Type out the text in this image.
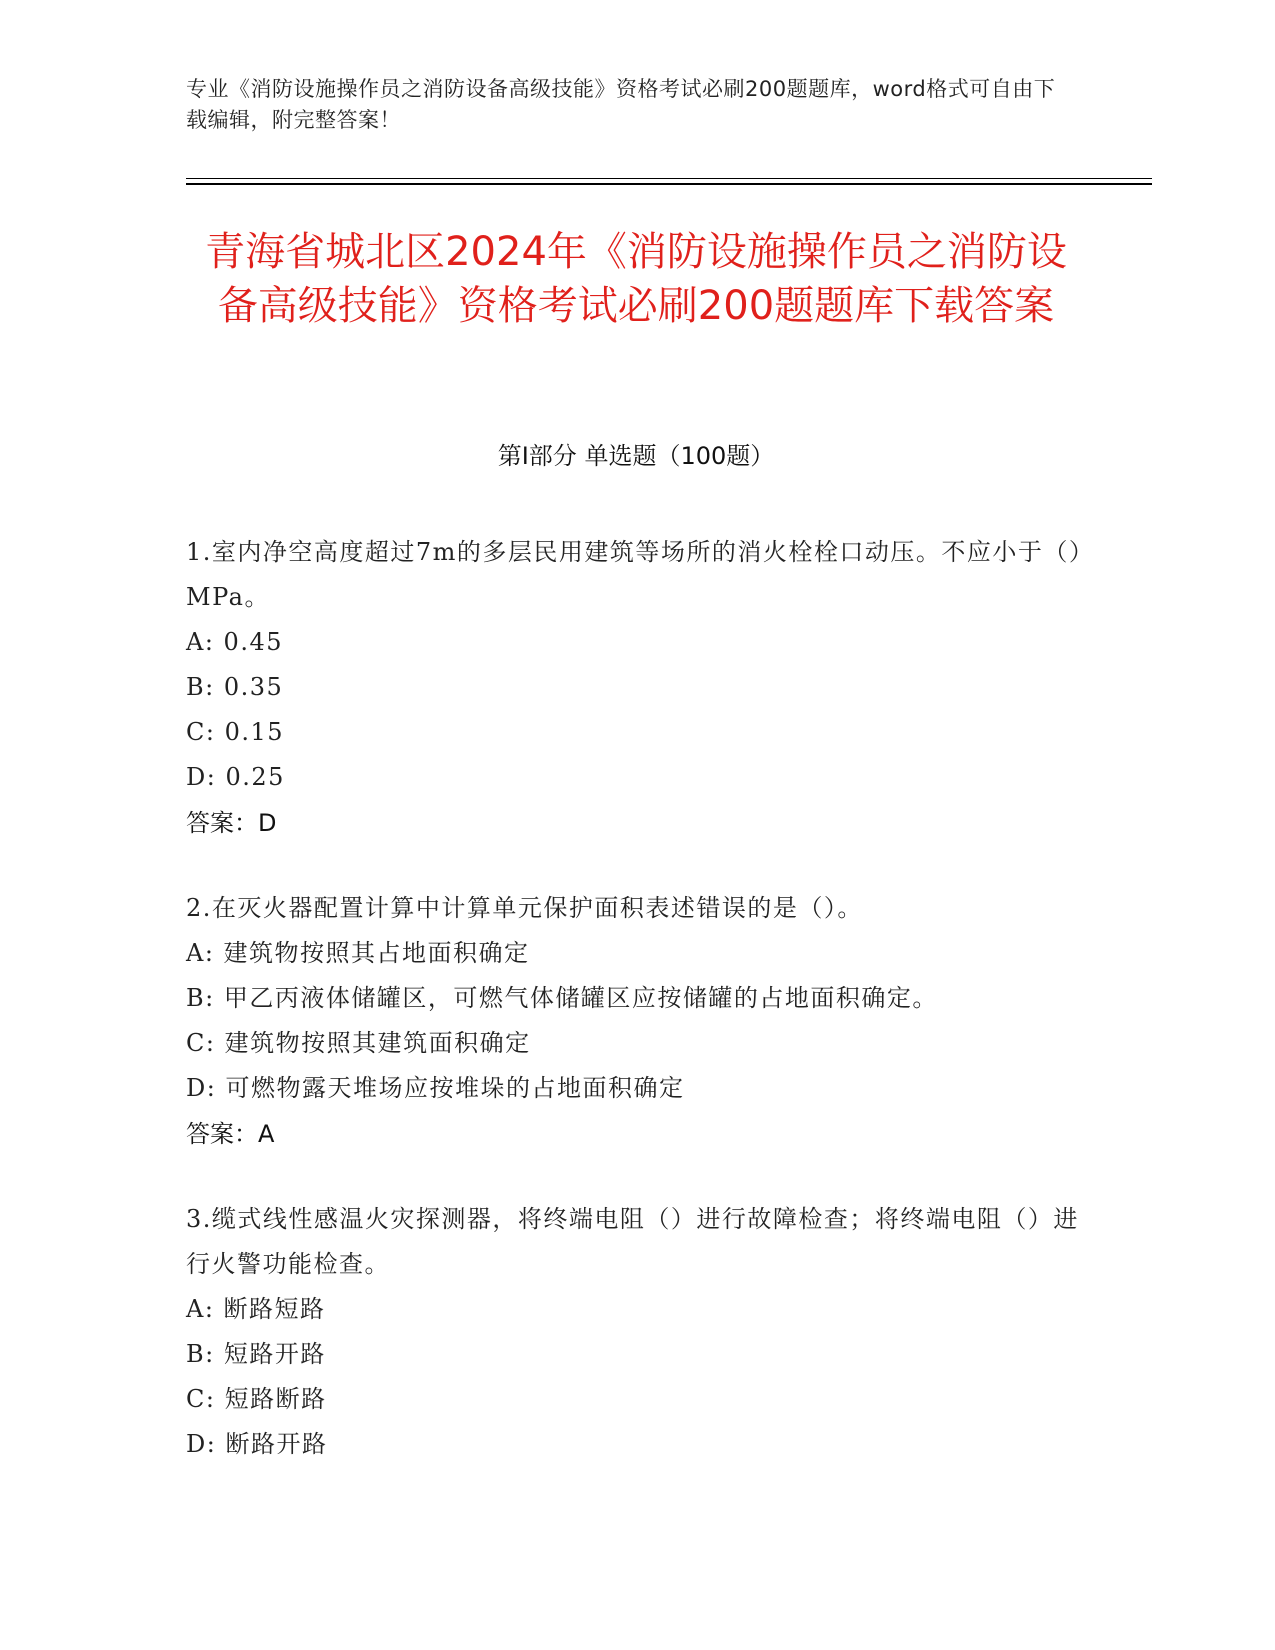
专业《消防设施操作员之消防设备高级技能》资格考试必刷200题题库，word格式可自由下载编辑，附完整答案！
青海省城北区2024年《消防设施操作员之消防设备高级技能》资格考试必刷200题题库下载答案
第I部分 单选题（100题）
1.室内净空高度超过7m的多层民用建筑等场所的消火栓栓口动压。不应小于（）MPa。
A: 0.45
B: 0.35
C: 0.15
D: 0.25
答案：D
2.在灭火器配置计算中计算单元保护面积表述错误的是（）。
A: 建筑物按照其占地面积确定
B: 甲乙丙液体储罐区，可燃气体储罐区应按储罐的占地面积确定。
C: 建筑物按照其建筑面积确定
D: 可燃物露天堆场应按堆垛的占地面积确定
答案：A
3.缆式线性感温火灾探测器，将终端电阻（）进行故障检查；将终端电阻（）进行火警功能检查。
A: 断路短路
B: 短路开路
C: 短路断路
D: 断路开路
